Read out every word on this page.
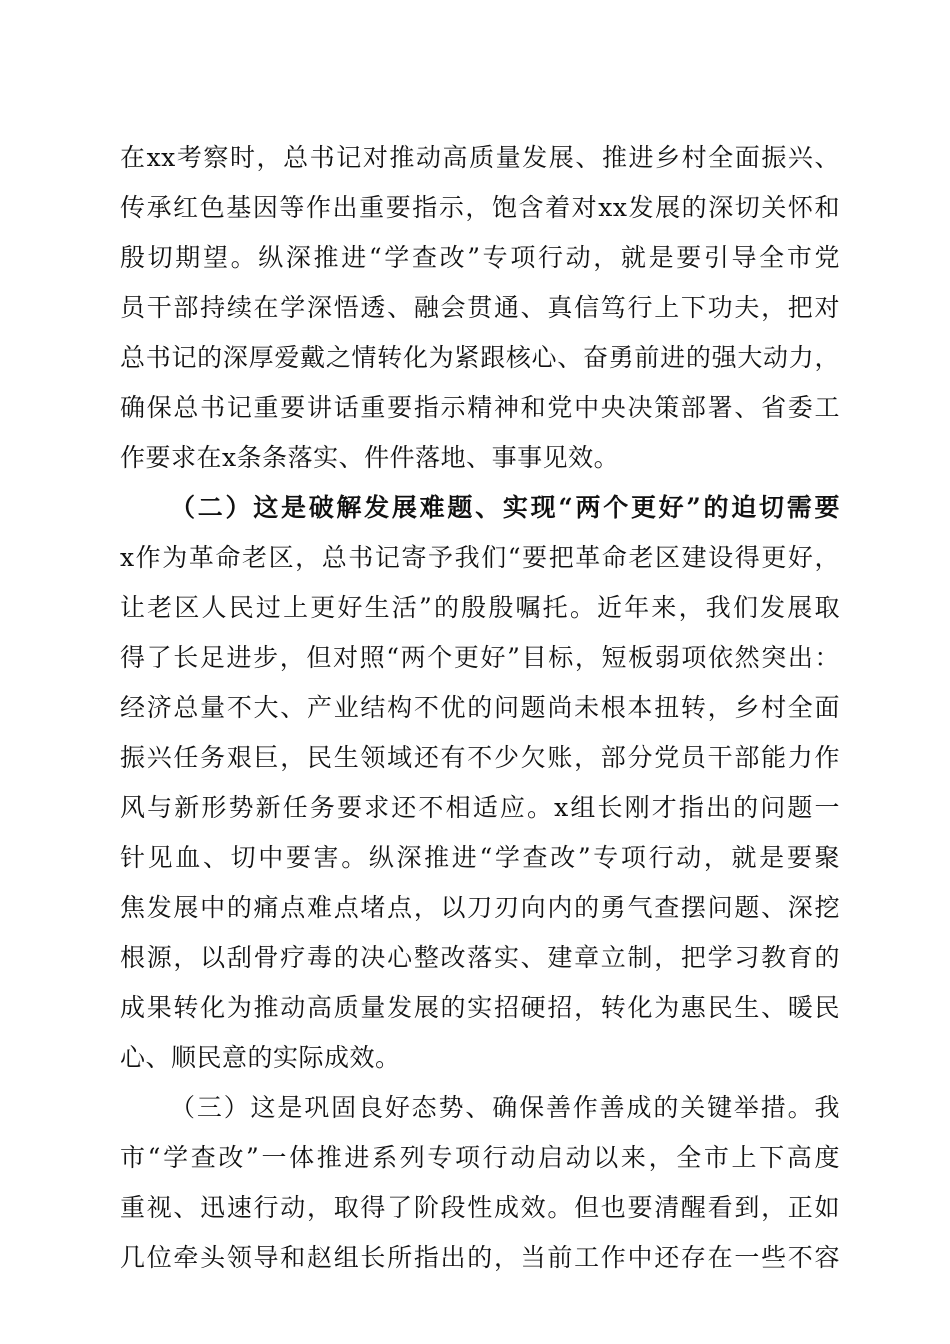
在xx考察时，总书记对推动高质量发展、推进乡村全面振兴、
传承红色基因等作出重要指示，饱含着对xx发展的深切关怀和
殷切期望。纵深推进“学查改”专项行动，就是要引导全市党
员干部持续在学深悟透、融会贯通、真信笃行上下功夫，把对
总书记的深厚爱戴之情转化为紧跟核心、奋勇前进的强大动力，
确保总书记重要讲话重要指示精神和党中央决策部署、省委工
作要求在x条条落实、件件落地、事事见效。
（二）这是破解发展难题、实现“两个更好”的迫切需要
x作为革命老区，总书记寄予我们“要把革命老区建设得更好，
让老区人民过上更好生活”的殷殷嘱托。近年来，我们发展取
得了长足进步，但对照“两个更好”目标，短板弱项依然突出：
经济总量不大、产业结构不优的问题尚未根本扭转，乡村全面
振兴任务艰巨，民生领域还有不少欠账，部分党员干部能力作
风与新形势新任务要求还不相适应。x组长刚才指出的问题一
针见血、切中要害。纵深推进“学查改”专项行动，就是要聚
焦发展中的痛点难点堵点，以刀刃向内的勇气查摆问题、深挖
根源，以刮骨疗毒的决心整改落实、建章立制，把学习教育的
成果转化为推动高质量发展的实招硬招，转化为惠民生、暖民
心、顺民意的实际成效。
（三）这是巩固良好态势、确保善作善成的关键举措。我
市“学查改”一体推进系列专项行动启动以来，全市上下高度
重视、迅速行动，取得了阶段性成效。但也要清醒看到，正如
几位牵头领导和赵组长所指出的，当前工作中还存在一些不容
